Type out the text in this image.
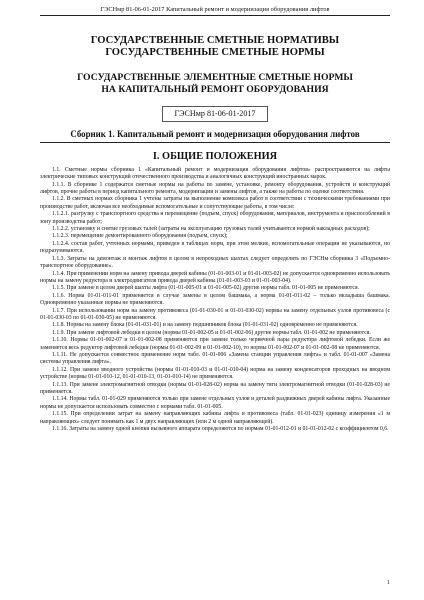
ГЭСНмр 81-06-01-2017 Капитальный ремонт и модернизация оборудования лифтов
ГОСУДАРСТВЕННЫЕ СМЕТНЫЕ НОРМАТИВЫ
ГОСУДАРСТВЕННЫЕ СМЕТНЫЕ НОРМЫ
ГОСУДАРСТВЕННЫЕ ЭЛЕМЕНТНЫЕ СМЕТНЫЕ НОРМЫ
НА КАПИТАЛЬНЫЙ РЕМОНТ ОБОРУДОВАНИЯ
ГЭСНмр 81-06-01-2017
Сборник 1. Капитальный ремонт и модернизация оборудования лифтов
I. ОБЩИЕ ПОЛОЖЕНИЯ

1.1. Сметные нормы сборника 1 «Капитальный ремонт и модернизация оборудования лифтов» распространяются на лифты электрические типовых конструкций отечественного производства и аналогичных конструкций иностранных марок.

1.1.1. В сборнике 1 содержатся сметные нормы на работы по замене, установке, ремонту оборудования, устройств и конструкций лифтов, прочие работы в период капитального ремонта, модернизации и замены лифтов, а также на работы по оценке соответствия.

1.1.2. В сметных нормах сборника 1 учтены затраты на выполнение комплекса работ в соответствии с техническими требованиями при производстве работ, включая все необходимые вспомогательные и сопутствующие работы, в том числе:

1.1.2.1. разгрузку с транспортного средства и перемещение (подъем, спуск) оборудования, материалов, инструмента и приспособлений в зону производства работ;

1.1.2.2. установку и снятие грузовых талей (затраты на эксплуатацию грузовых талей учитываются нормой накладных расходов);

1.1.2.3. перемещение демонтированного оборудования (подъем, спуск);

1.1.2.4. состав работ, учтенных нормами, приведен в таблицах норм, при этом мелкие, вспомогательные операции не указываются, но подразумеваются.

1.1.3. Затраты на демонтаж и монтаж лифтов в целом в непроходных шахтах следует определять по ГЭСНм сборника 3 «Подъемно-транспортное оборудование».

1.1.4. При применении норм на замену привода дверей кабины (01-01-003-01 и 01-01-003-02) не допускается одновременно использовать нормы на замену редуктора и электродвигателя привода дверей кабины (01-01-003-03 и 01-01-003-04).

1.1.5. При замене в целом дверей шахты лифта (01-01-005-01 и 01-01-005-02) другие нормы табл. 01-01-005 не применяются.

1.1.6. Норма 01-01-011-01 применяется в случае замены в целом башмака, а норма 01-01-011-02 – только вкладыша башмака. Одновременно указанные нормы не применяются.

1.1.7. При использовании норм на замену противовеса (01-01-030-01 и 01-01-030-02) нормы на замену отдельных узлов противовеса (с 01-01-030-03 по 01-01-030-05) не применяются.

1.1.8. Нормы на замену блока (01-01-031-01) и на замену подшипников блока (01-01-031-02) одновременно не применяются.

1.1.9. При замене лифтовой лебедки в целом (нормы 01-01-002-05 и 01-01-002-06) другие нормы табл. 01-01-002 не применяются.

1.1.10. Нормы 01-01-002-07 и 01-01-002-08 применяются при замене только червячной пары редуктора лифтовой лебедки. Если же заменяется весь редуктор лифтовой лебедки (нормы 01-01-002-09 и 01-01-002-10), то нормы 01-01-002-07 и 01-01-002-08 не применяются.

1.1.11. Не допускается совместное применение норм табл. 01-01-006 «Замена станции управления лифта» и табл. 01-01-007 «Замена системы управления лифта».

1.1.12. При замене вводного устройства (нормы 01-01-010-03 и 01-01-010-04) норма на замену конденсаторов проходных на вводном устройстве (нормы 01-01-010-12, 01-01-010-13, 01-01-010-14) не применяются.

1.1.13. При замене электромагнитной отводки (нормы 01-01-028-02) норма на замену тяги электромагнитной отводки (01-01-028-03) не применяется.

1.1.14. Нормы табл. 01-01-029 применяются только при замене отдельных узлов и деталей раздвижных дверей кабины лифта. Указанные нормы не допускается использовать совместно с нормами табл. 01-01-005.

1.1.15. При определении затрат на замену направляющих кабины лифта и противовеса (табл. 01-01-023) единицу измерения «1 м направляющих» следует понимать как 1 м двух направляющих (или 2 м одной направляющей).

1.1.16. Затраты на замену одной кнопки вызывного аппарата определяются по нормам 01-01-012-01 и 01-01-012-02 с коэффициентом 0,6.

1
